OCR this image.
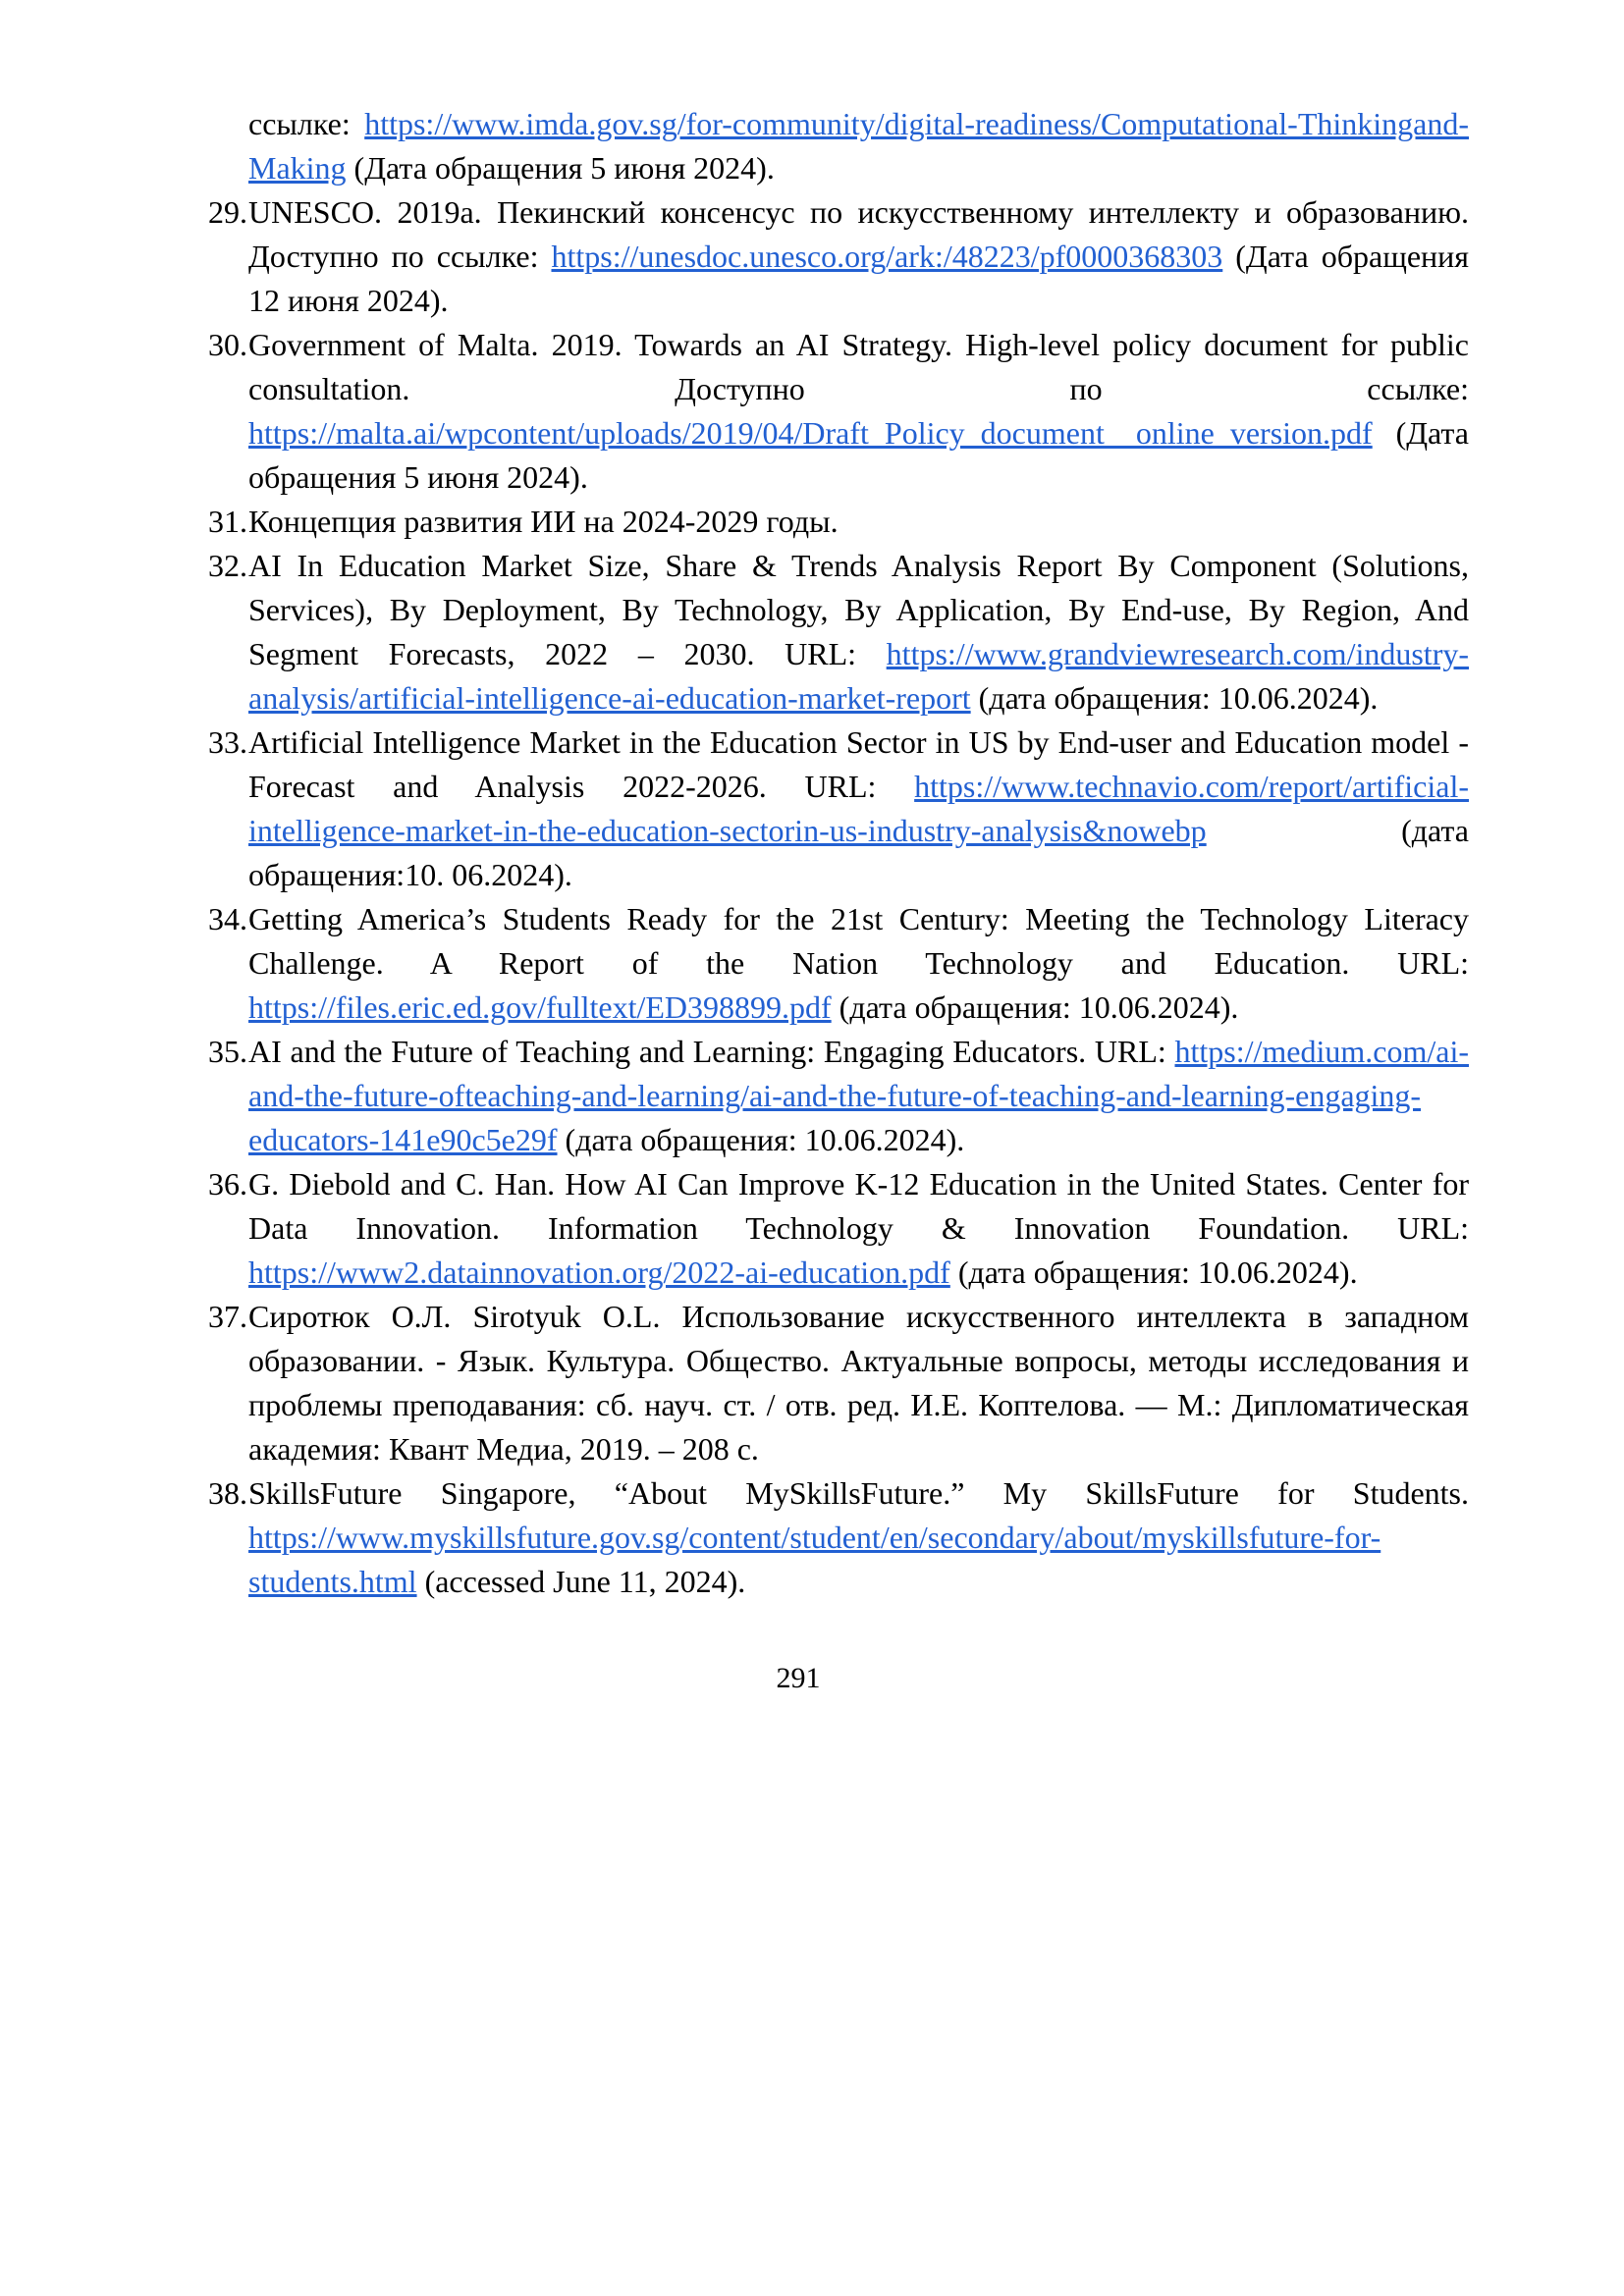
ссылке: https://www.imda.gov.sg/for-community/digital-readiness/Computational-Thinkingand-Making (Дата обращения 5 июня 2024).
29.UNESCO. 2019a. Пекинский консенсус по искусственному интеллекту и образованию. Доступно по ссылке: https://unesdoc.unesco.org/ark:/48223/pf0000368303 (Дата обращения 12 июня 2024).
30.Government of Malta. 2019. Towards an AI Strategy. High-level policy document for public consultation. Доступно по ссылке: https://malta.ai/wpcontent/uploads/2019/04/Draft_Policy_document__online_version.pdf (Дата обращения 5 июня 2024).
31.Концепция развития ИИ на 2024-2029 годы.
32.AI In Education Market Size, Share & Trends Analysis Report By Component (Solutions, Services), By Deployment, By Technology, By Application, By End-use, By Region, And Segment Forecasts, 2022 – 2030. URL: https://www.grandviewresearch.com/industry-analysis/artificial-intelligence-ai-education-market-report (дата обращения: 10.06.2024).
33.Artificial Intelligence Market in the Education Sector in US by End-user and Education model - Forecast and Analysis 2022-2026. URL: https://www.technavio.com/report/artificial-intelligence-market-in-the-education-sectorin-us-industry-analysis&nowebp (дата обращения:10. 06.2024).
34.Getting America’s Students Ready for the 21st Century: Meeting the Technology Literacy Challenge. A Report of the Nation Technology and Education. URL: https://files.eric.ed.gov/fulltext/ED398899.pdf (дата обращения: 10.06.2024).
35.AI and the Future of Teaching and Learning: Engaging Educators. URL: https://medium.com/ai-and-the-future-ofteaching-and-learning/ai-and-the-future-of-teaching-and-learning-engaging-educators-141e90c5e29f (дата обращения: 10.06.2024).
36.G. Diebold and C. Han. How AI Can Improve K-12 Education in the United States. Center for Data Innovation. Information Technology & Innovation Foundation. URL: https://www2.datainnovation.org/2022-ai-education.pdf (дата обращения: 10.06.2024).
37.Сиротюк О.Л. Sirotyuk O.L. Использование искусственного интеллекта в западном образовании. - Язык. Культура. Общество. Актуальные вопросы, методы исследования и проблемы преподавания: сб. науч. ст. / отв. ред. И.Е. Коптелова. — М.: Дипломатическая академия: Квант Медиа, 2019. – 208 с.
38.SkillsFuture Singapore, “About MySkillsFuture.” My SkillsFuture for Students. https://www.myskillsfuture.gov.sg/content/student/en/secondary/about/myskillsfuture-for-students.html (accessed June 11, 2024).
291
